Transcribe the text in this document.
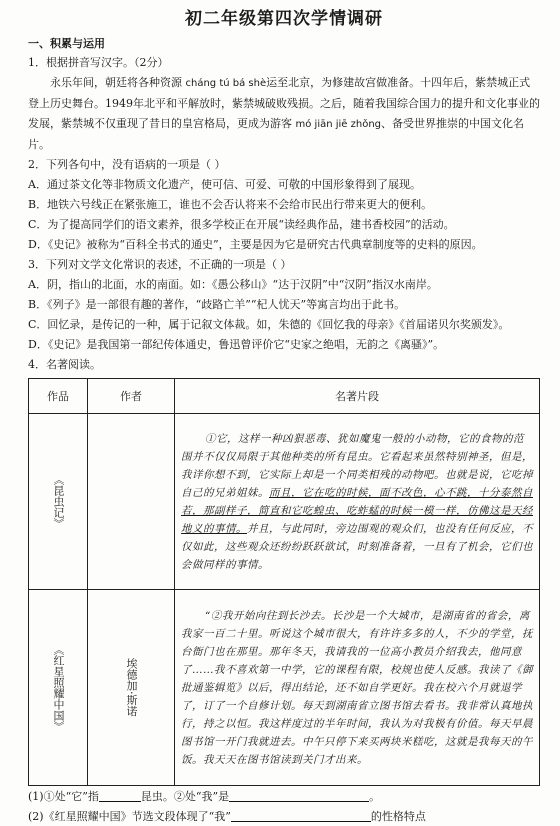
初二年级第四次学情调研
一、积累与运用

1．根据拼音写汉字。（2分）

永乐年间，朝廷将各种资源 cháng tú bá shè运至北京，为修建故宫做准备。十四年后，紫禁城正式登上历史舞台。1949年北平和平解放时，紫禁城破败残损。之后，随着我国综合国力的提升和文化事业的发展，紫禁城不仅重现了昔日的皇宫格局，更成为游客 mó jiān jiē zhǒng、备受世界推崇的中国文化名片。

2．下列各句中，没有语病的一项是（ ）

A．通过茶文化等非物质文化遗产，使可信、可爱、可敬的中国形象得到了展现。

B．地铁六号线正在紧张施工，谁也不会否认将来不会给市民出行带来更大的便利。

C．为了提高同学们的语文素养，很多学校正在开展“读经典作品，建书香校园”的活动。

D．《史记》被称为“百科全书式的通史”，主要是因为它是研究古代典章制度等的史料的原因。

3．下列对文学文化常识的表述，不正确的一项是（ ）

A．阴，指山的北面，水的南面。如：《愚公移山》“达于汉阴”中“汉阴”指汉水南岸。

B．《列子》是一部很有趣的著作，“歧路亡羊”“杞人忧天”等寓言均出于此书。

C．回忆录，是传记的一种，属于记叙文体裁。如，朱德的《回忆我的母亲》《首届诺贝尔奖颁发》。

D．《史记》是我国第一部纪传体通史，鲁迅曾评价它“史家之绝唱，无韵之《离骚》”。

4．名著阅读。

作品	作者	名著片段

《昆虫记》		①它，这样一种凶狠恶毒、犹如魔鬼一般的小动物，它的食物的范围并不仅仅局限于其他种类的所有昆虫。它看起来虽然特别神圣，但是，我详你想不到，它实际上却是一个同类相残的动物吧。也就是说，它吃掉自己的兄弟姐妹。而且，它在吃的时候，面不改色，心不跳，十分泰然自若，那副样子，简直和它吃蝗虫、吃蚱蜢的时候一模一样，仿佛这是天经地义的事情。并且，与此同时，旁边围观的观众们，也没有任何反应，不仅如此，这些观众还纷纷跃跃欲试，时刻准备着，一旦有了机会，它们也会做同样的事情。

《红星照耀中国》	埃德加·斯诺	“②我开始向往到长沙去。长沙是一个大城市，是湖南省的省会，离我家一百二十里。听说这个城市很大，有许许多多的人，不少的学堂，抚台衙门也在那里。那年冬天，我请我的一位高小教员介绍我去，他同意了……我不喜欢第一中学，它的课程有限，校规也使人反感。我读了《御批通鉴辑览》以后，得出结论，还不如自学更好。我在校六个月就退学了，订了一个自修计划。每天到湖南省立图书馆去看书。我非常认真地执行，持之以恒。我这样度过的半年时间，我认为对我极有价值。每天早晨图书馆一开门我就进去。中午只停下来买两块米糕吃，这就是我每天的午饭。我天天在图书馆读到关门才出来。

(1)①处“它”指	昆虫。②处“我”是	。

(2)《红星照耀中国》节选文段体现了“我”	的性格特点
